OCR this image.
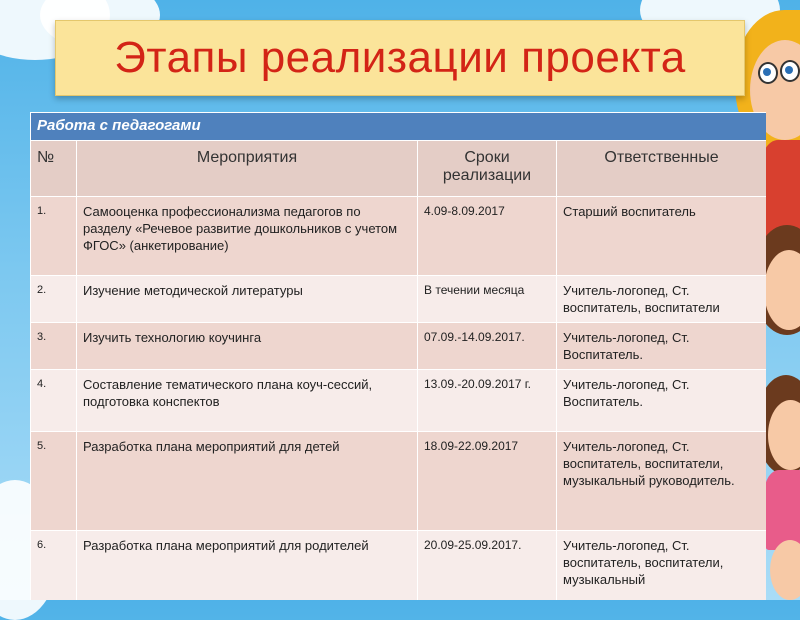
Этапы реализации проекта
Работа с педагогами			
№	Мероприятия	Сроки реализации	Ответственные
1.	Самооценка профессионализма педагогов по разделу «Речевое развитие дошкольников с учетом ФГОС» (анкетирование)	4.09-8.09.2017	Старший воспитатель
2.	Изучение методической литературы	В течении месяца	Учитель-логопед, Ст. воспитатель, воспитатели
3.	Изучить технологию коучинга	07.09.-14.09.2017.	Учитель-логопед, Ст. Воспитатель.
4.	Составление тематического плана коуч-сессий, подготовка конспектов	13.09.-20.09.2017 г.	Учитель-логопед, Ст. Воспитатель.
5.	Разработка плана мероприятий для детей	18.09-22.09.2017	Учитель-логопед, Ст. воспитатель, воспитатели, музыкальный руководитель.
6.	Разработка плана мероприятий для родителей	20.09-25.09.2017.	Учитель-логопед, Ст. воспитатель, воспитатели, музыкальный
